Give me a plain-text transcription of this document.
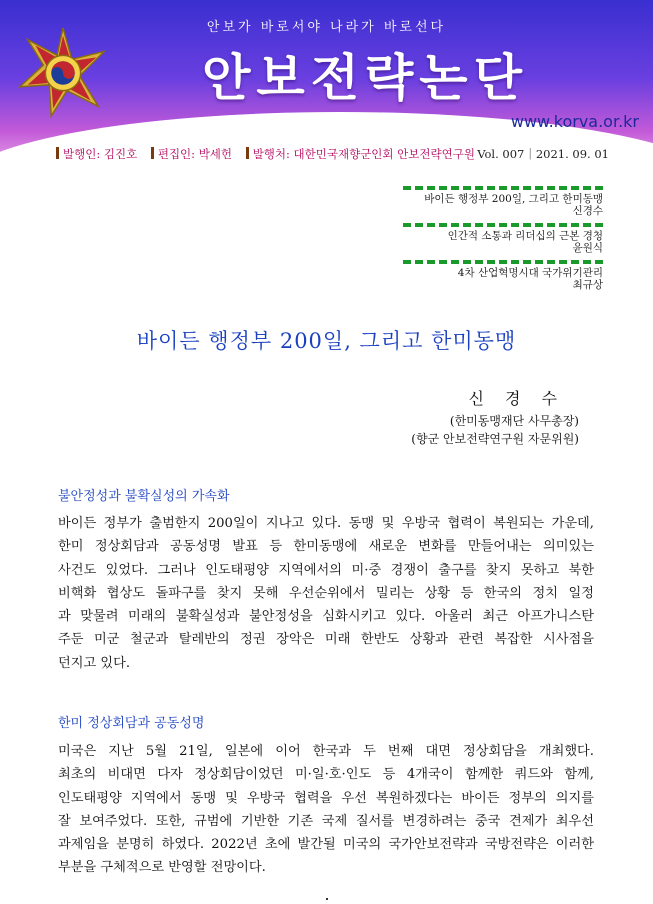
안보가 바로서야 나라가 바로선다
안보전략논단
www.korva.or.kr
발행인: 김진호 편집인: 박세헌 발행처: 대한민국재향군인회 안보전략연구원 Vol. 007｜2021. 09. 01
바이든 행정부 200일, 그리고 한미동맹
신경수
인간적 소통과 리더십의 근본 경청
윤원식
4차 산업혁명시대 국가위기관리
최규상
바이든 행정부 200일, 그리고 한미동맹
신 경 수
(한미동맹재단 사무총장)
(향군 안보전략연구원 자문위원)
불안정성과 불확실성의 가속화
바이든 정부가 출범한지 200일이 지나고 있다. 동맹 및 우방국 협력이 복원되는 가운데,
한미 정상회담과 공동성명 발표 등 한미동맹에 새로운 변화를 만들어내는 의미있는
사건도 있었다. 그러나 인도태평양 지역에서의 미·중 경쟁이 출구를 찾지 못하고 북한
비핵화 협상도 돌파구를 찾지 못해 우선순위에서 밀리는 상황 등 한국의 정치 일정
과 맞물려 미래의 불확실성과 불안정성을 심화시키고 있다. 아울러 최근 아프가니스탄
주둔 미군 철군과 탈레반의 정권 장악은 미래 한반도 상황과 관련 복잡한 시사점을
던지고 있다.
한미 정상회담과 공동성명
미국은 지난 5월 21일, 일본에 이어 한국과 두 번째 대면 정상회담을 개최했다.
최초의 비대면 다자 정상회담이었던 미·일·호·인도 등 4개국이 함께한 쿼드와 함께,
인도태평양 지역에서 동맹 및 우방국 협력을 우선 복원하겠다는 바이든 정부의 의지를
잘 보여주었다. 또한, 규범에 기반한 기존 국제 질서를 변경하려는 중국 견제가 최우선
과제임을 분명히 하였다. 2022년 초에 발간될 미국의 국가안보전략과 국방전략은 이러한
부분을 구체적으로 반영할 전망이다.
